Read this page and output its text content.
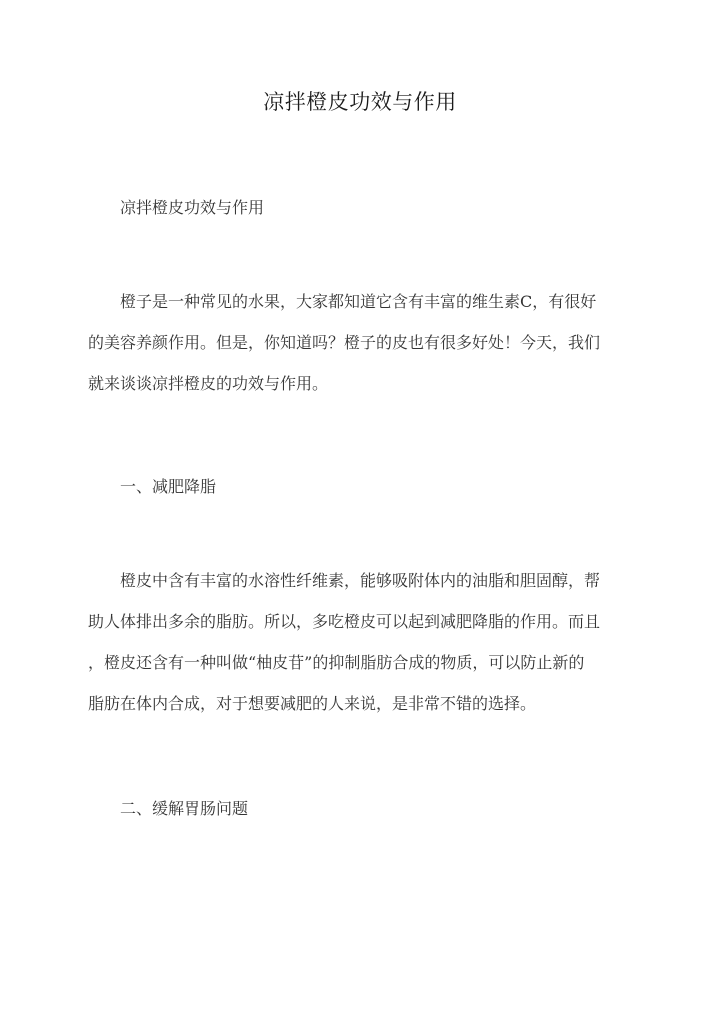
凉拌橙皮功效与作用
凉拌橙皮功效与作用
橙子是一种常见的水果，大家都知道它含有丰富的维生素C，有很好
的美容养颜作用。但是，你知道吗？橙子的皮也有很多好处！今天，我们
就来谈谈凉拌橙皮的功效与作用。
一、减肥降脂
橙皮中含有丰富的水溶性纤维素，能够吸附体内的油脂和胆固醇，帮
助人体排出多余的脂肪。所以，多吃橙皮可以起到减肥降脂的作用。而且
，橙皮还含有一种叫做“柚皮苷”的抑制脂肪合成的物质，可以防止新的
脂肪在体内合成，对于想要减肥的人来说，是非常不错的选择。
二、缓解胃肠问题
